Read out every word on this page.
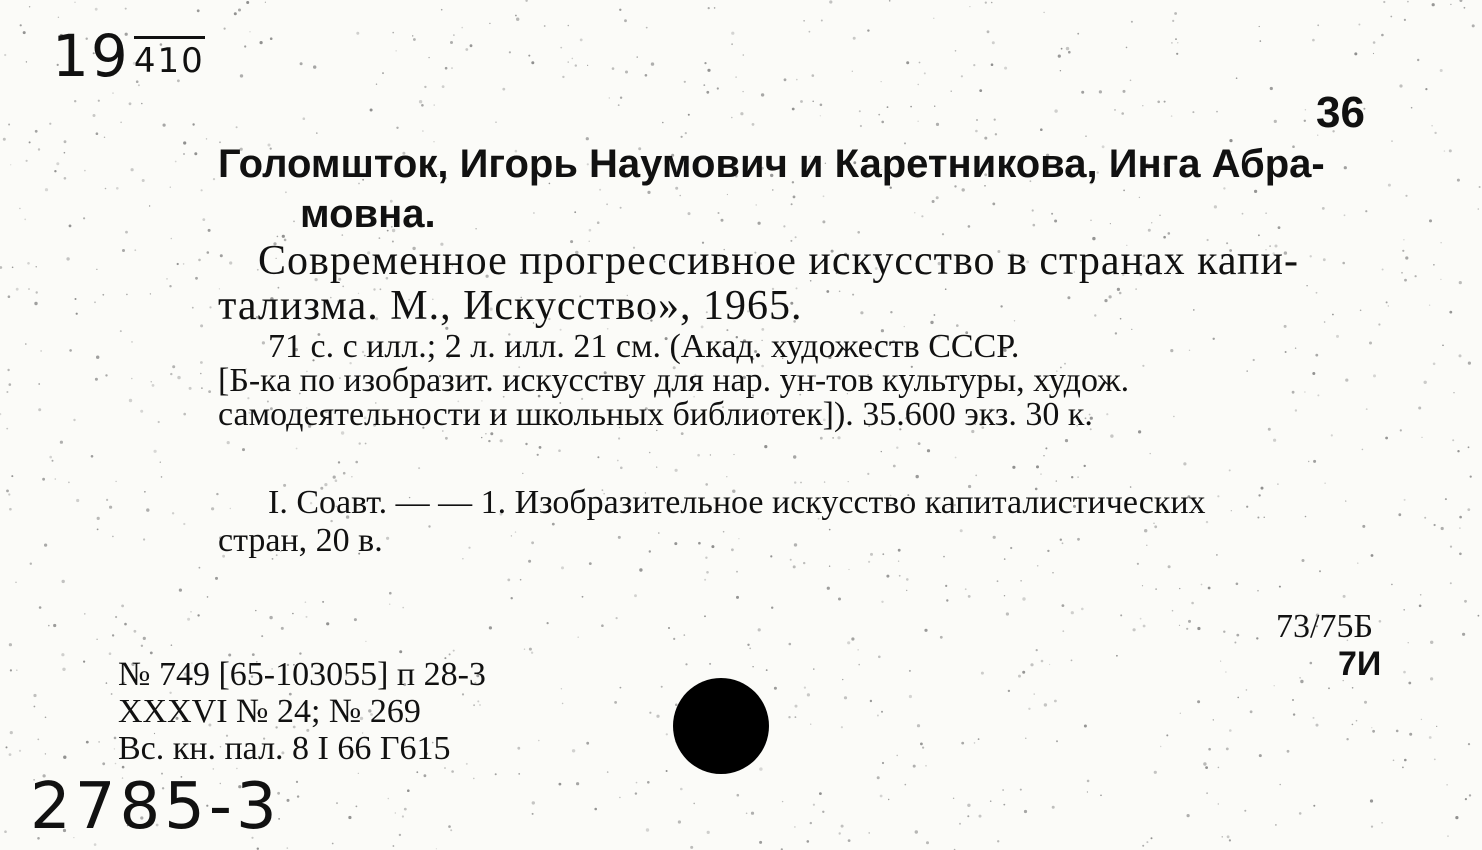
19 410
36
Голомшток, Игорь Наумович и Каретникова, Инга Абра-
мовна.
Современное прогрессивное искусство в странах капи-
тализма. М., Искусство», 1965.
71 с. с илл.; 2 л. илл. 21 см. (Акад. художеств СССР.
[Б-ка по изобразит. искусству для нар. ун-тов культуры, худож.
самодеятельности и школьных библиотек]). 35.600 экз. 30 к.
I. Соавт. — — 1. Изобразительное искусство капиталистических
стран, 20 в.
73/75Б
7И
№ 749 [65-103055] п 28-3
XXXVI № 24; № 269
Вс. кн. пал. 8 I 66 Г615
2785-3
